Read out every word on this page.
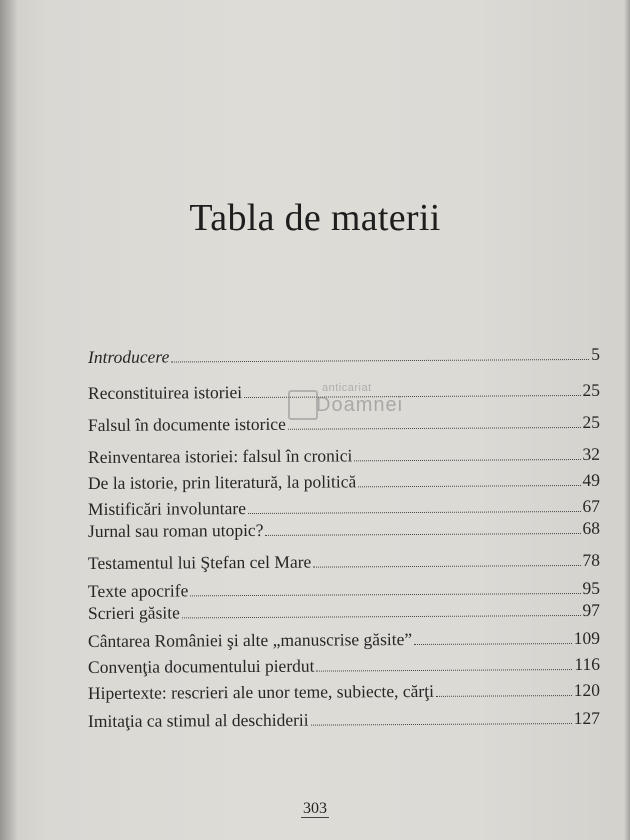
Tabla de materii
Introducere	5
Reconstituirea istoriei	25
Falsul în documente istorice	25
Reinventarea istoriei: falsul în cronici	32
De la istorie, prin literatură, la politică	49
Mistificări involuntare	67
Jurnal sau roman utopic?	68
Testamentul lui Ştefan cel Mare	78
Texte apocrife	95
Scrieri găsite	97
Cântarea României şi alte „manuscrise găsite”	109
Convenţia documentului pierdut	116
Hipertexte: rescrieri ale unor teme, subiecte, cărţi	120
Imitaţia ca stimul al deschiderii	127
anticariat
Doamnei
303
